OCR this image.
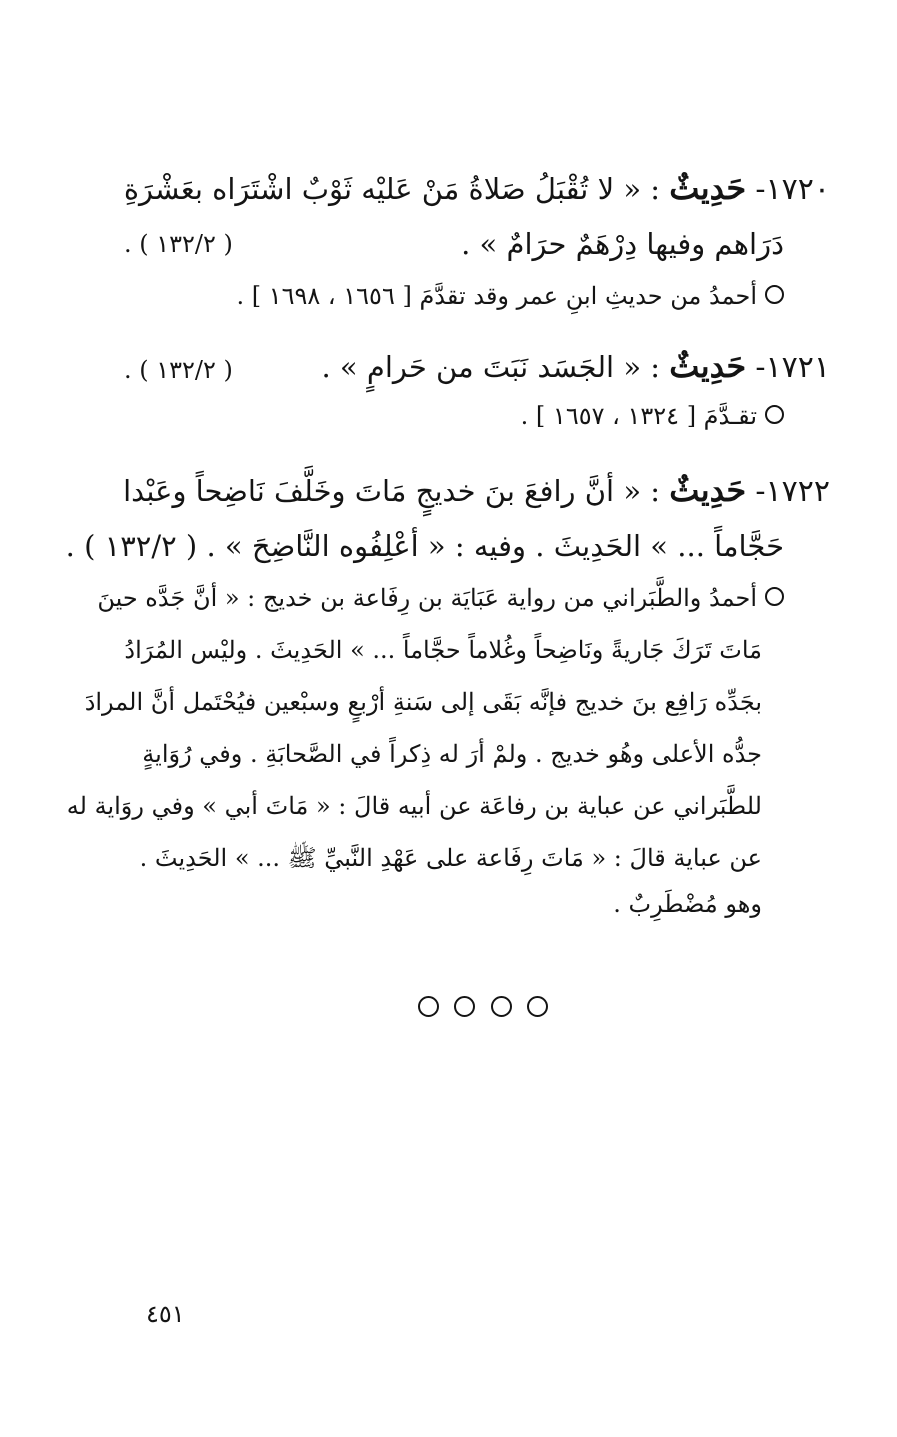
١٧٢٠- حَدِيثٌ : « لا تُقْبَلُ صَلاةُ مَنْ عَليْه ثَوْبٌ اشْتَرَاه بعَشْرَةِ
دَرَاهم وفيها دِرْهَمٌ حرَامٌ » .
( ١٣٢/٢ ) .
أحمدُ من حديثِ ابنِ عمر وقد تقدَّمَ [ ١٦٥٦ ، ١٦٩٨ ] .
١٧٢١- حَدِيثٌ : « الجَسَد نَبَتَ من حَرامٍ » .
( ١٣٢/٢ ) .
تقـدَّمَ [ ١٣٢٤ ، ١٦٥٧ ] .
١٧٢٢- حَدِيثٌ : « أنَّ رافعَ بنَ خديجٍ مَاتَ وخَلَّفَ نَاضِحاً وعَبْدا
حَجَّاماً ... » الحَدِيثَ . وفيه : « أعْلِفُوه النَّاضِحَ » . ( ١٣٢/٢ ) .
أحمدُ والطَّبَراني من رواية عَبَايَة بن رِفَاعة بن خديج : « أنَّ جَدَّه حينَ
مَاتَ تَرَكَ جَاريةً ونَاضِحاً وغُلاماً حجَّاماً ... » الحَدِيثَ . وليْس المُرَادُ
بجَدِّه رَافِع بنَ خديج فإنَّه بَقَى إلى سَنةِ أرْبعٍ وسبْعين فيُحْتَمل أنَّ المرادَ
جدُّه الأعلى وهُو خديج . ولمْ أرَ له ذِكراً في الصَّحابَةِ . وفي رُوَايةٍ
للطَّبَراني عن عباية بن رفاعَة عن أبيه قالَ : « مَاتَ أبي » وفي روَاية له
عن عباية قالَ : « مَاتَ رِفَاعة على عَهْدِ النَّبيِّ ﷺ ... » الحَدِيثَ .
وهو مُضْطَرِبٌ .
٤٥١
